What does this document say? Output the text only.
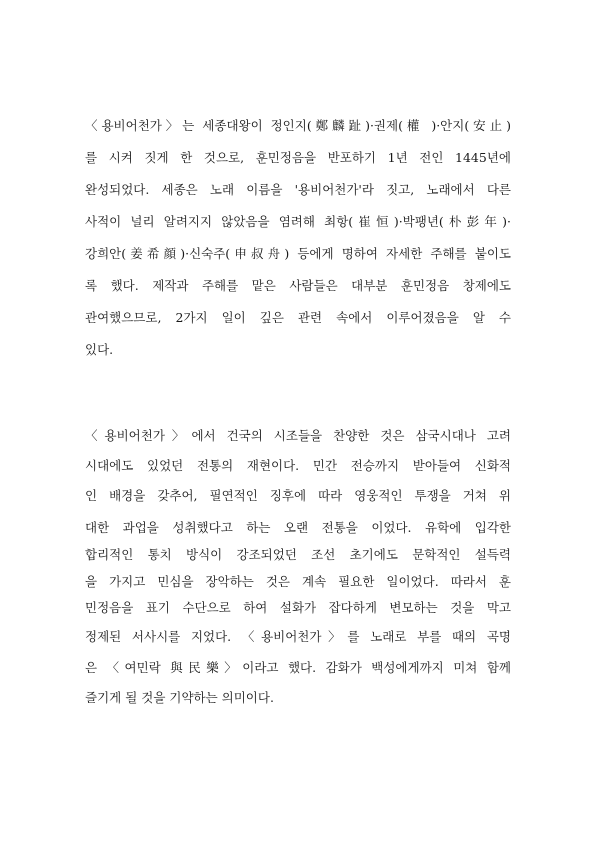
〈용비어천가〉는 세종대왕이 정인지(鄭麟趾)·권제(權 )·안지(安止)
를 시켜 짓게 한 것으로, 훈민정음을 반포하기 1년 전인 1445년에
완성되었다. 세종은 노래 이름을 '용비어천가'라 짓고, 노래에서 다른
사적이 널리 알려지지 않았음을 염려해 최항(崔恒)·박팽년(朴彭年)·
강희안(姜希顔)·신숙주(申叔舟) 등에게 명하여 자세한 주해를 붙이도
록 했다. 제작과 주해를 맡은 사람들은 대부분 훈민정음 창제에도
관여했으므로, 2가지 일이 깊은 관련 속에서 이루어졌음을 알 수
있다.
〈용비어천가〉에서 건국의 시조들을 찬양한 것은 삼국시대나 고려
시대에도 있었던 전통의 재현이다. 민간 전승까지 받아들여 신화적
인 배경을 갖추어, 필연적인 징후에 따라 영웅적인 투쟁을 거쳐 위
대한 과업을 성취했다고 하는 오랜 전통을 이었다. 유학에 입각한
합리적인 통치 방식이 강조되었던 조선 초기에도 문학적인 설득력
을 가지고 민심을 장악하는 것은 계속 필요한 일이었다. 따라서 훈
민정음을 표기 수단으로 하여 설화가 잡다하게 변모하는 것을 막고
정제된 서사시를 지었다. 〈용비어천가〉를 노래로 부를 때의 곡명
은 〈여민락 與民樂〉이라고 했다. 감화가 백성에게까지 미쳐 함께
즐기게 될 것을 기약하는 의미이다.
